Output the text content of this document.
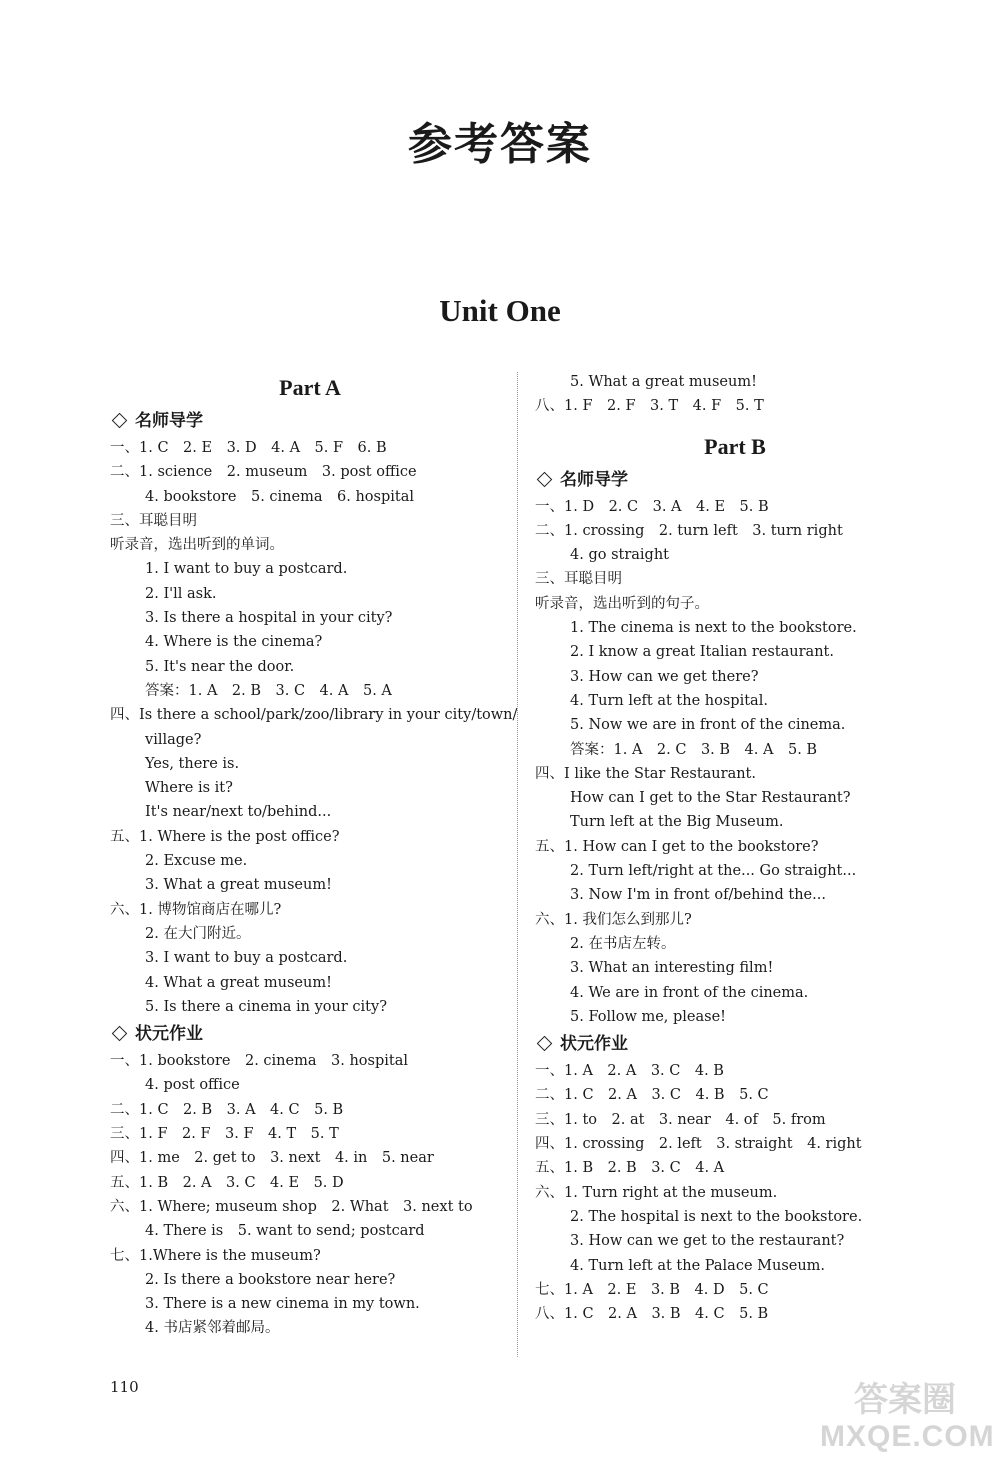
参考答案
Unit One
Part A
名师导学
一、1. C　2. E　3. D　4. A　5. F　6. B
二、1. science　2. museum　3. post office
4. bookstore　5. cinema　6. hospital
三、耳聪目明
听录音，选出听到的单词。
1. I want to buy a postcard.
2. I'll ask.
3. Is there a hospital in your city?
4. Where is the cinema?
5. It's near the door.
答案：1. A　2. B　3. C　4. A　5. A
四、Is there a school/park/zoo/library in your city/town/
village?
Yes, there is.
Where is it?
It's near/next to/behind...
五、1. Where is the post office?
2. Excuse me.
3. What a great museum!
六、1. 博物馆商店在哪儿?
2. 在大门附近。
3. I want to buy a postcard.
4. What a great museum!
5. Is there a cinema in your city?
状元作业
一、1. bookstore　2. cinema　3. hospital
4. post office
二、1. C　2. B　3. A　4. C　5. B
三、1. F　2. F　3. F　4. T　5. T
四、1. me　2. get to　3. next　4. in　5. near
五、1. B　2. A　3. C　4. E　5. D
六、1. Where; museum shop　2. What　3. next to
4. There is　5. want to send; postcard
七、1.Where is the museum?
2. Is there a bookstore near here?
3. There is a new cinema in my town.
4. 书店紧邻着邮局。
5. What a great museum!
八、1. F　2. F　3. T　4. F　5. T
Part B
名师导学
一、1. D　2. C　3. A　4. E　5. B
二、1. crossing　2. turn left　3. turn right
4. go straight
三、耳聪目明
听录音，选出听到的句子。
1. The cinema is next to the bookstore.
2. I know a great Italian restaurant.
3. How can we get there?
4. Turn left at the hospital.
5. Now we are in front of the cinema.
答案：1. A　2. C　3. B　4. A　5. B
四、I like the Star Restaurant.
How can I get to the Star Restaurant?
Turn left at the Big Museum.
五、1. How can I get to the bookstore?
2. Turn left/right at the... Go straight...
3. Now I'm in front of/behind the...
六、1. 我们怎么到那儿?
2. 在书店左转。
3. What an interesting film!
4. We are in front of the cinema.
5. Follow me, please!
状元作业
一、1. A　2. A　3. C　4. B
二、1. C　2. A　3. C　4. B　5. C
三、1. to　2. at　3. near　4. of　5. from
四、1. crossing　2. left　3. straight　4. right
五、1. B　2. B　3. C　4. A
六、1. Turn right at the museum.
2. The hospital is next to the bookstore.
3. How can we get to the restaurant?
4. Turn left at the Palace Museum.
七、1. A　2. E　3. B　4. D　5. C
八、1. C　2. A　3. B　4. C　5. B
110	答案圈
MXQE.COM
